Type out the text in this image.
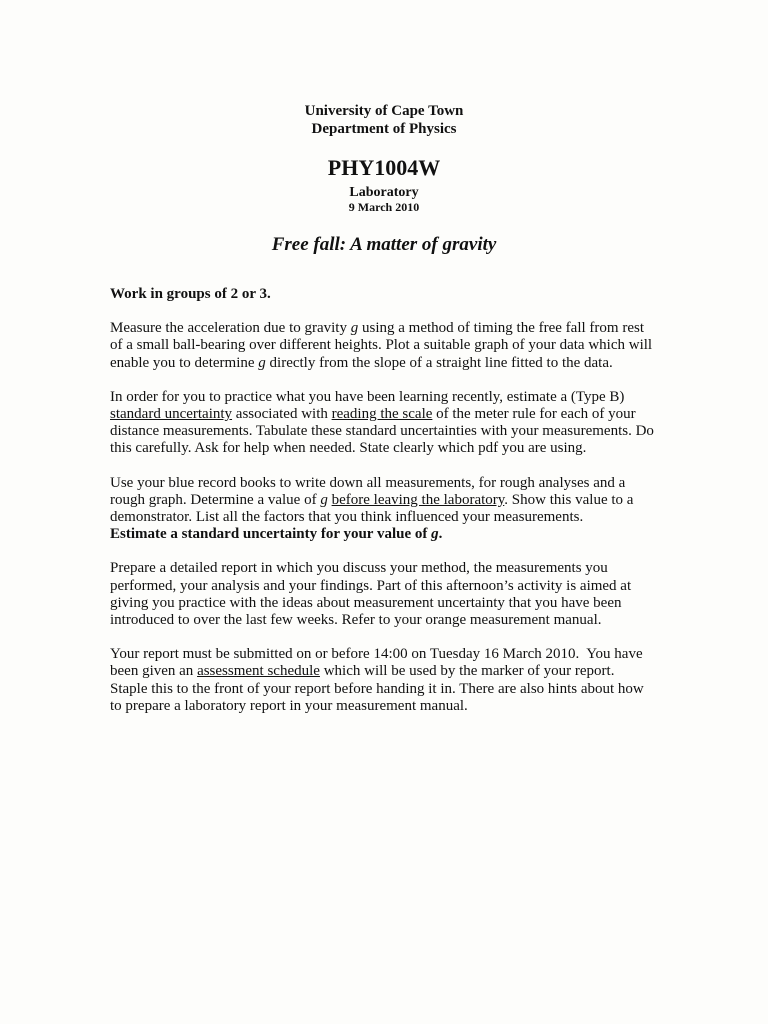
University of Cape Town
Department of Physics
PHY1004W
Laboratory
9 March 2010
Free fall: A matter of gravity

Work in groups of 2 or 3.

Measure the acceleration due to gravity g using a method of timing the free fall from rest of a small ball-bearing over different heights. Plot a suitable graph of your data which will enable you to determine g directly from the slope of a straight line fitted to the data.

In order for you to practice what you have been learning recently, estimate a (Type B) standard uncertainty associated with reading the scale of the meter rule for each of your distance measurements. Tabulate these standard uncertainties with your measurements. Do this carefully. Ask for help when needed. State clearly which pdf you are using.

Use your blue record books to write down all measurements, for rough analyses and a rough graph. Determine a value of g before leaving the laboratory. Show this value to a demonstrator. List all the factors that you think influenced your measurements.
Estimate a standard uncertainty for your value of g.

Prepare a detailed report in which you discuss your method, the measurements you performed, your analysis and your findings. Part of this afternoon’s activity is aimed at giving you practice with the ideas about measurement uncertainty that you have been introduced to over the last few weeks. Refer to your orange measurement manual.

Your report must be submitted on or before 14:00 on Tuesday 16 March 2010.  You have been given an assessment schedule which will be used by the marker of your report.  Staple this to the front of your report before handing it in. There are also hints about how to prepare a laboratory report in your measurement manual.
